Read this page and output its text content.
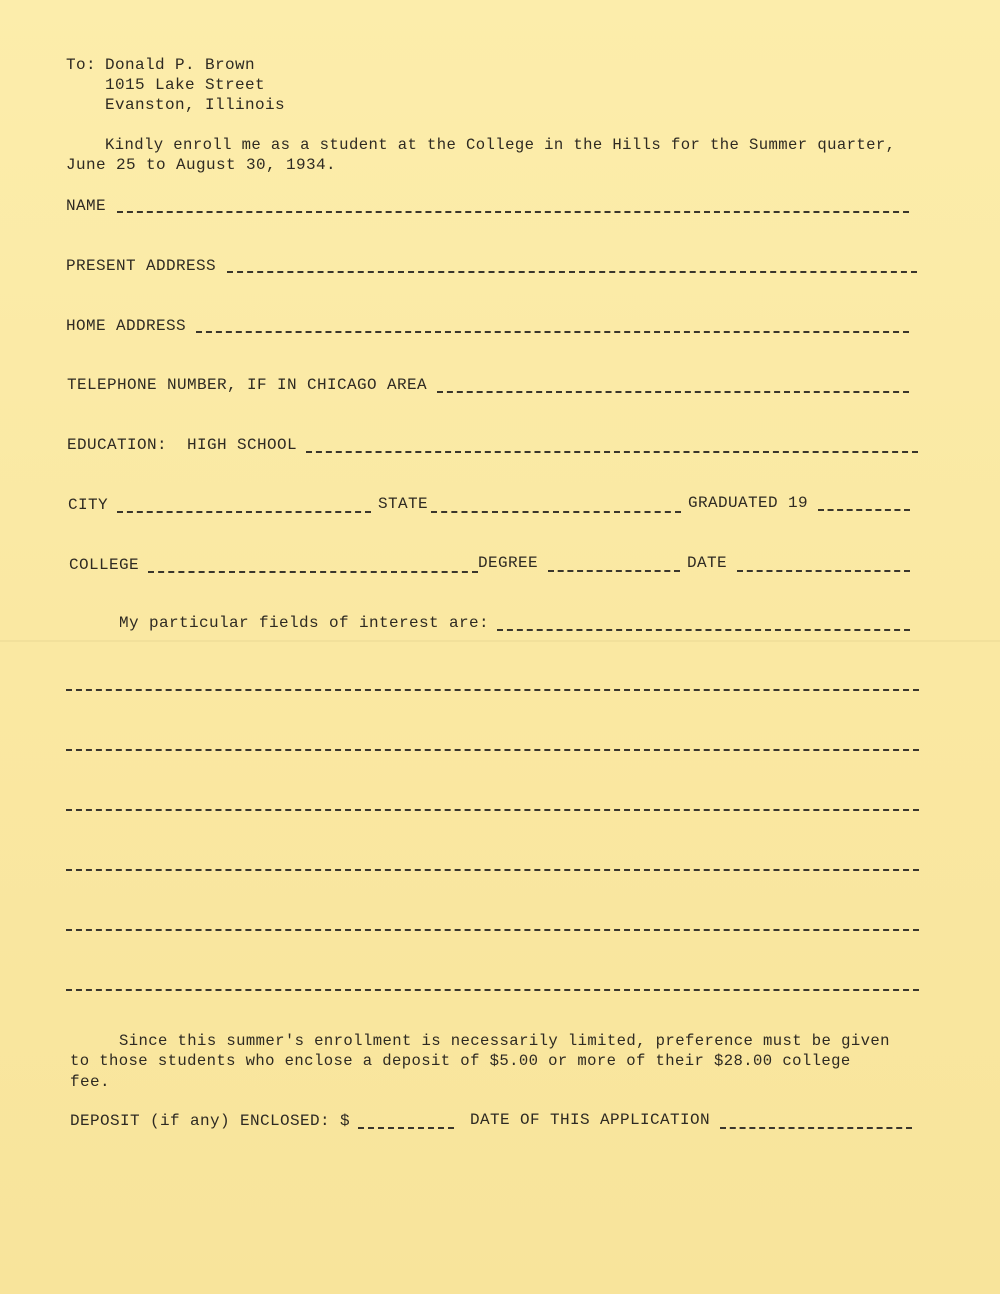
To: Donald P. Brown
1015 Lake Street
Evanston, Illinois
Kindly enroll me as a student at the College in the Hills for the Summer quarter,
June 25 to August 30, 1934.
NAME
PRESENT ADDRESS
HOME ADDRESS
TELEPHONE NUMBER, IF IN CHICAGO AREA
EDUCATION: HIGH SCHOOL
CITY	STATE	GRADUATED 19
COLLEGE	DEGREE	DATE
My particular fields of interest are:
Since this summer's enrollment is necessarily limited, preference must be given
to those students who enclose a deposit of $5.00 or more of their $28.00 college
fee.
DEPOSIT (if any) ENCLOSED: $	DATE OF THIS APPLICATION
